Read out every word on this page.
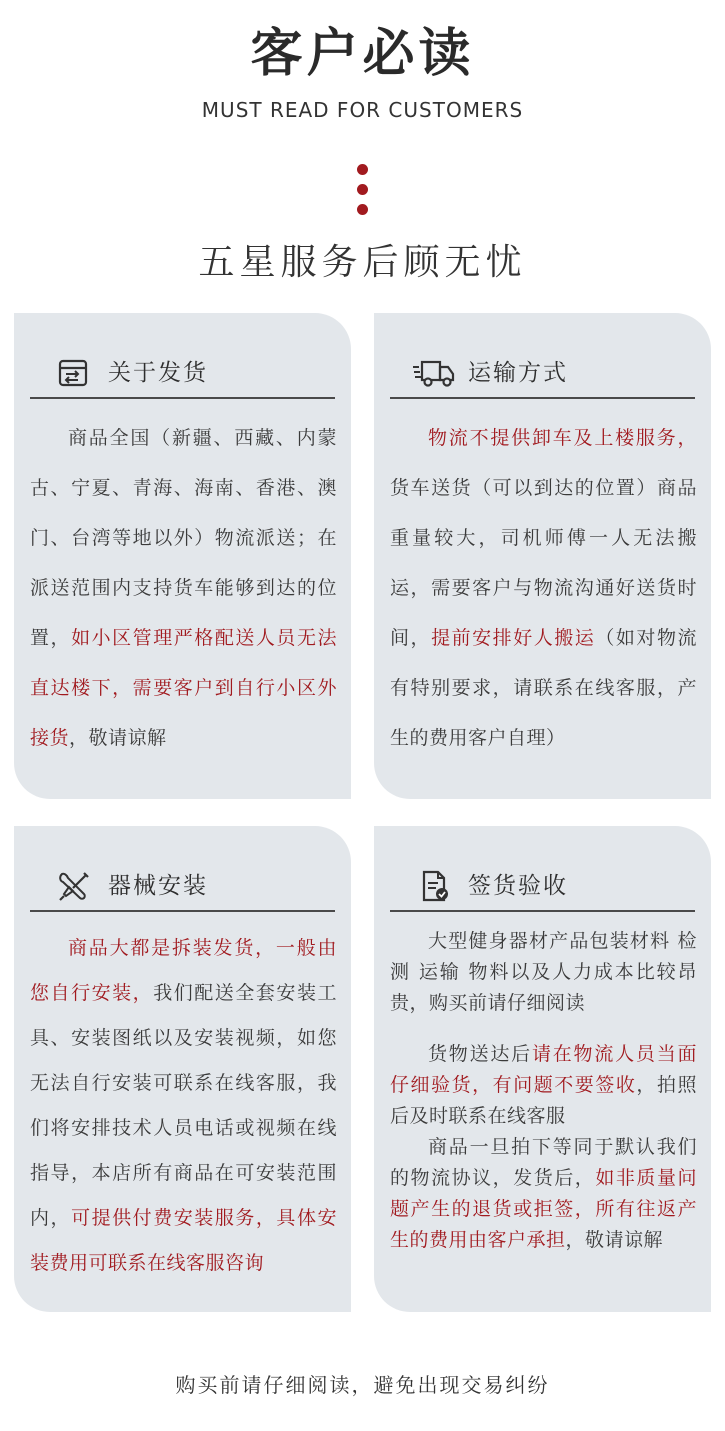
客户必读
MUST READ FOR CUSTOMERS
五星服务后顾无忧
关于发货
商品全国（新疆、西藏、内蒙古、宁夏、青海、海南、香港、澳门、台湾等地以外）物流派送；在派送范围内支持货车能够到达的位置，如小区管理严格配送人员无法直达楼下，需要客户到自行小区外接货，敬请谅解
运输方式
物流不提供卸车及上楼服务，货车送货（可以到达的位置）商品重量较大，司机师傅一人无法搬运，需要客户与物流沟通好送货时间，提前安排好人搬运（如对物流有特别要求，请联系在线客服，产生的费用客户自理）
器械安装
商品大都是拆装发货，一般由您自行安装，我们配送全套安装工具、安装图纸以及安装视频，如您无法自行安装可联系在线客服，我们将安排技术人员电话或视频在线指导，本店所有商品在可安装范围内，可提供付费安装服务，具体安装费用可联系在线客服咨询
签货验收
大型健身器材产品包装材料 检测 运输 物料以及人力成本比较昂贵，购买前请仔细阅读
货物送达后请在物流人员当面仔细验货，有问题不要签收，拍照后及时联系在线客服
商品一旦拍下等同于默认我们的物流协议，发货后，如非质量问题产生的退货或拒签，所有往返产生的费用由客户承担，敬请谅解
购买前请仔细阅读，避免出现交易纠纷
